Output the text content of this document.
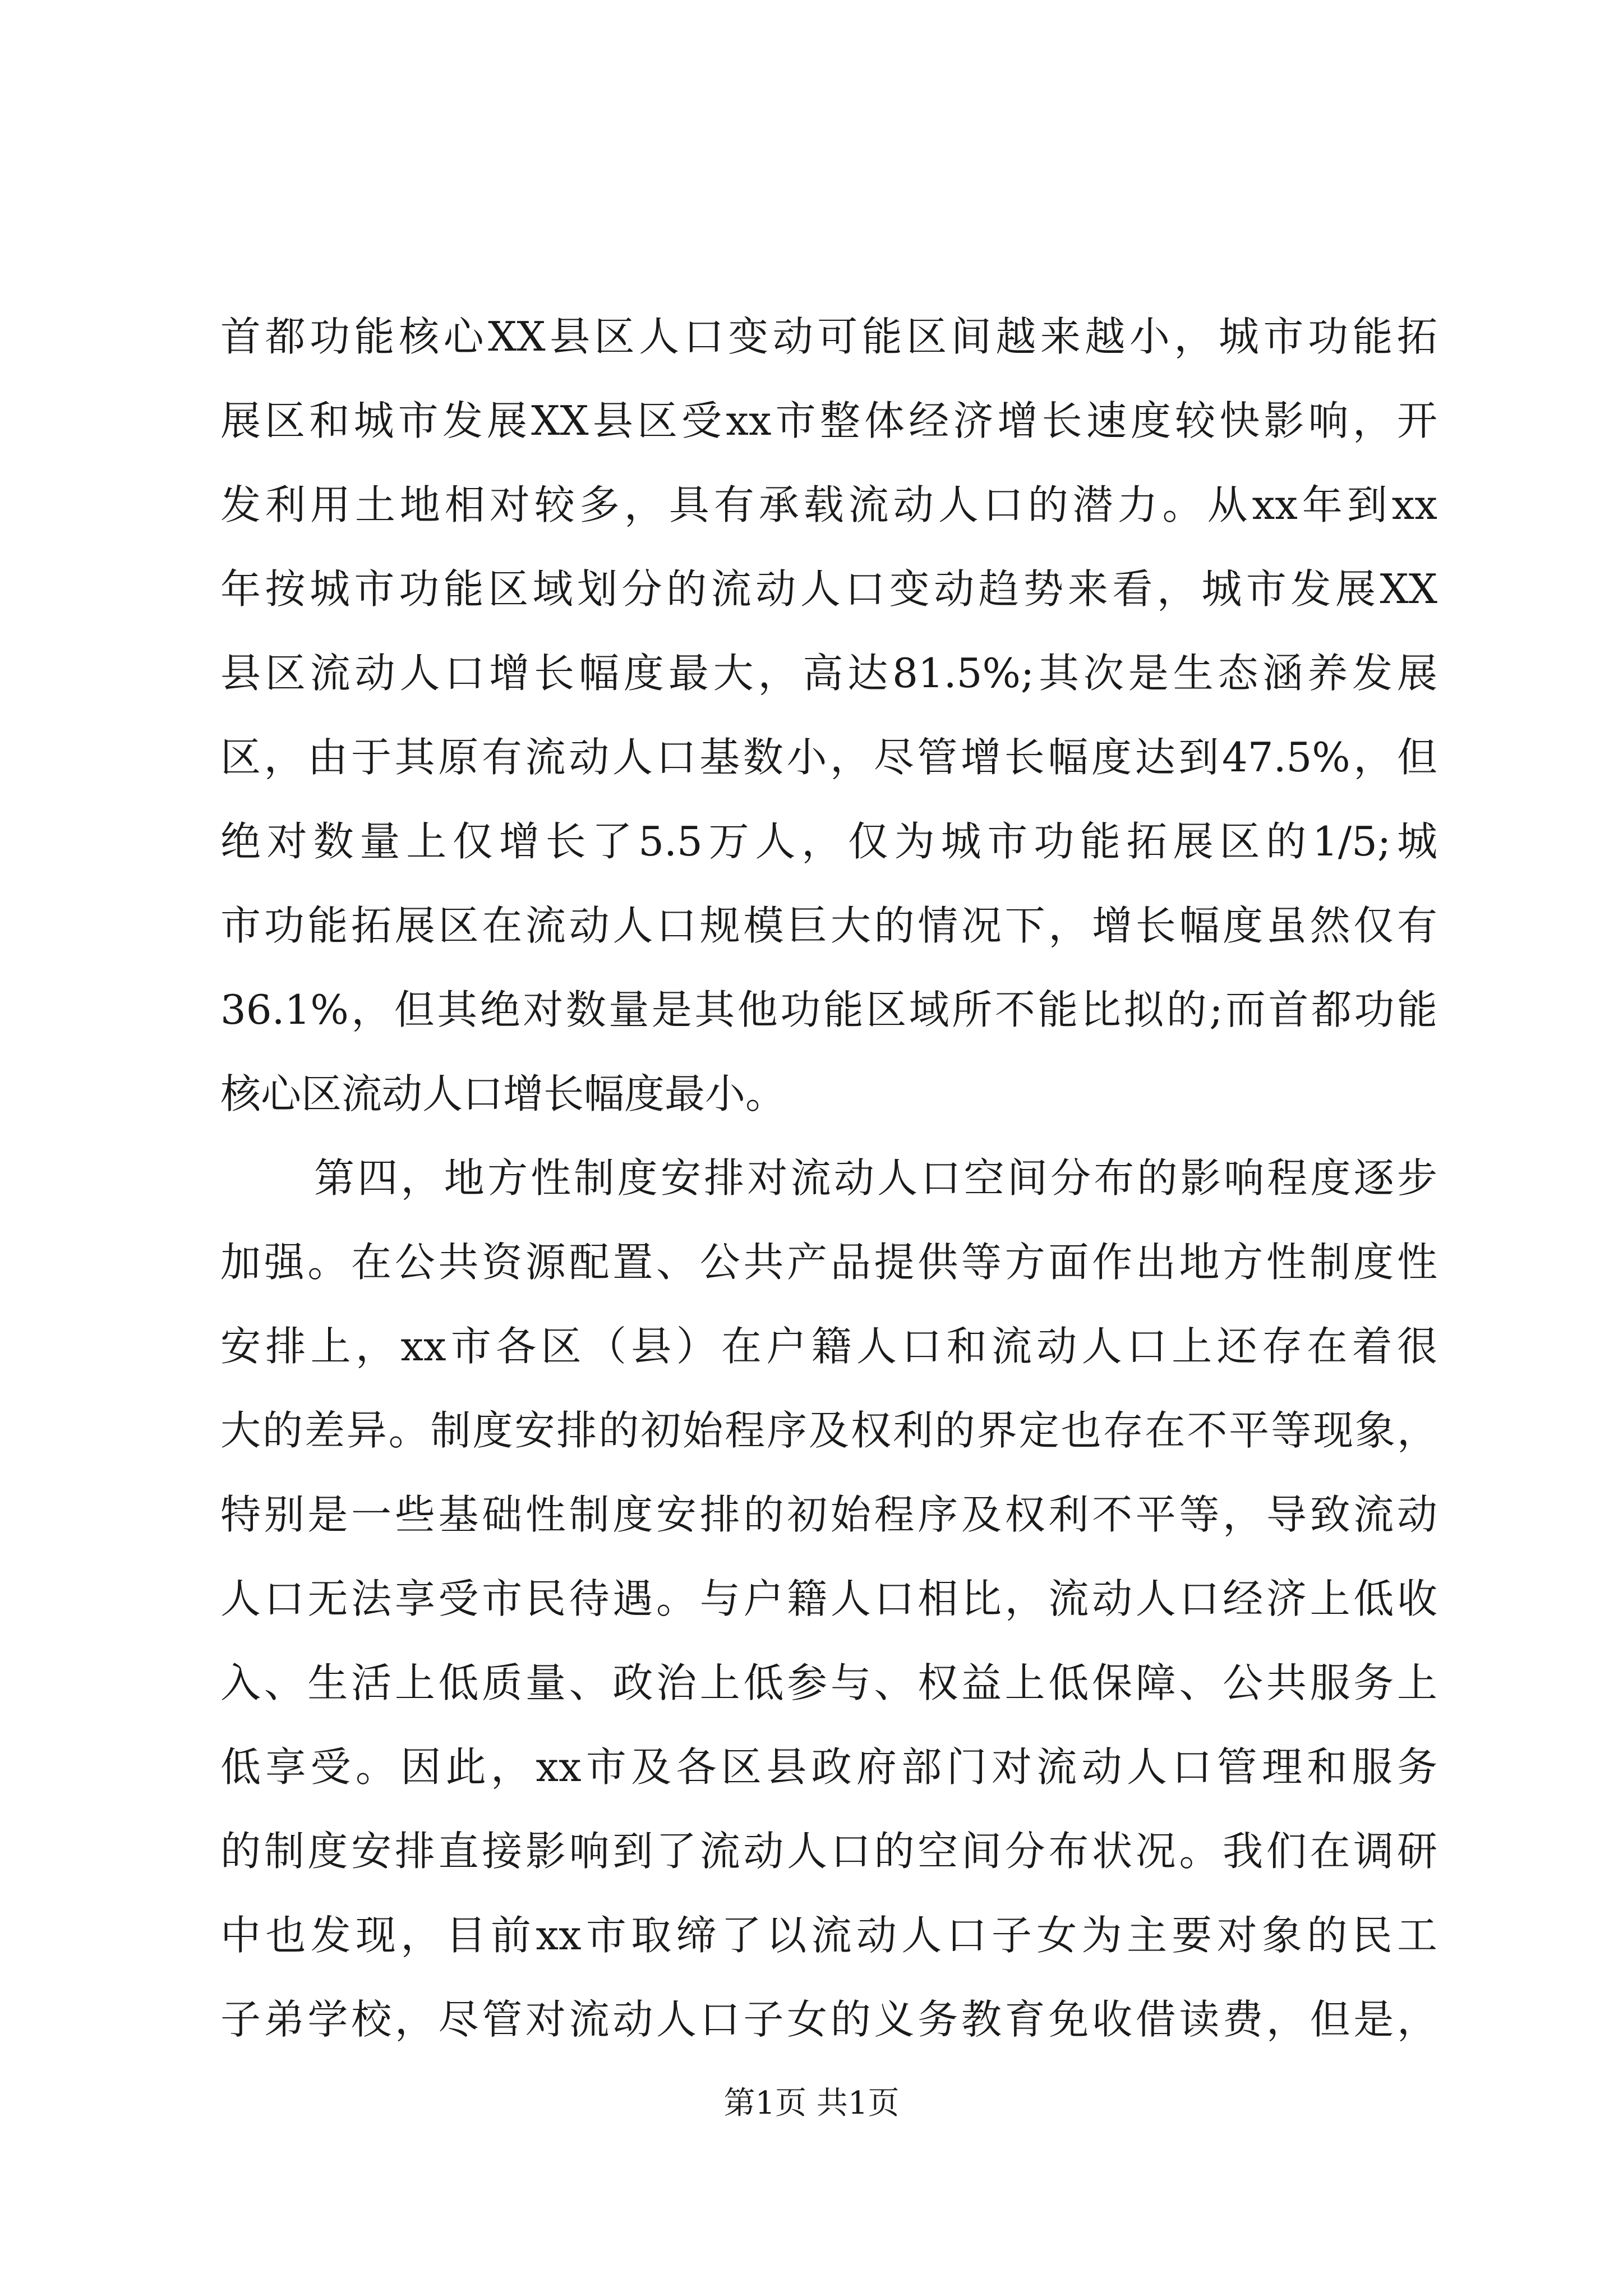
首都功能核心XX县区人口变动可能区间越来越小，城市功能拓
展区和城市发展XX县区受xx市整体经济增长速度较快影响，开
发利用土地相对较多，具有承载流动人口的潜力。从xx年到xx
年按城市功能区域划分的流动人口变动趋势来看，城市发展XX
县区流动人口增长幅度最大，高达81.5%;其次是生态涵养发展
区，由于其原有流动人口基数小，尽管增长幅度达到47.5%，但
绝对数量上仅增长了5.5万人，仅为城市功能拓展区的1/5;城
市功能拓展区在流动人口规模巨大的情况下，增长幅度虽然仅有
36.1%，但其绝对数量是其他功能区域所不能比拟的;而首都功能
核心区流动人口增长幅度最小。
第四，地方性制度安排对流动人口空间分布的影响程度逐步
加强。在公共资源配置、公共产品提供等方面作出地方性制度性
安排上，xx市各区（县）在户籍人口和流动人口上还存在着很
大的差异。制度安排的初始程序及权利的界定也存在不平等现象，
特别是一些基础性制度安排的初始程序及权利不平等，导致流动
人口无法享受市民待遇。与户籍人口相比，流动人口经济上低收
入、生活上低质量、政治上低参与、权益上低保障、公共服务上
低享受。因此，xx市及各区县政府部门对流动人口管理和服务
的制度安排直接影响到了流动人口的空间分布状况。我们在调研
中也发现，目前xx市取缔了以流动人口子女为主要对象的民工
子弟学校，尽管对流动人口子女的义务教育免收借读费，但是，
第1页 共1页
